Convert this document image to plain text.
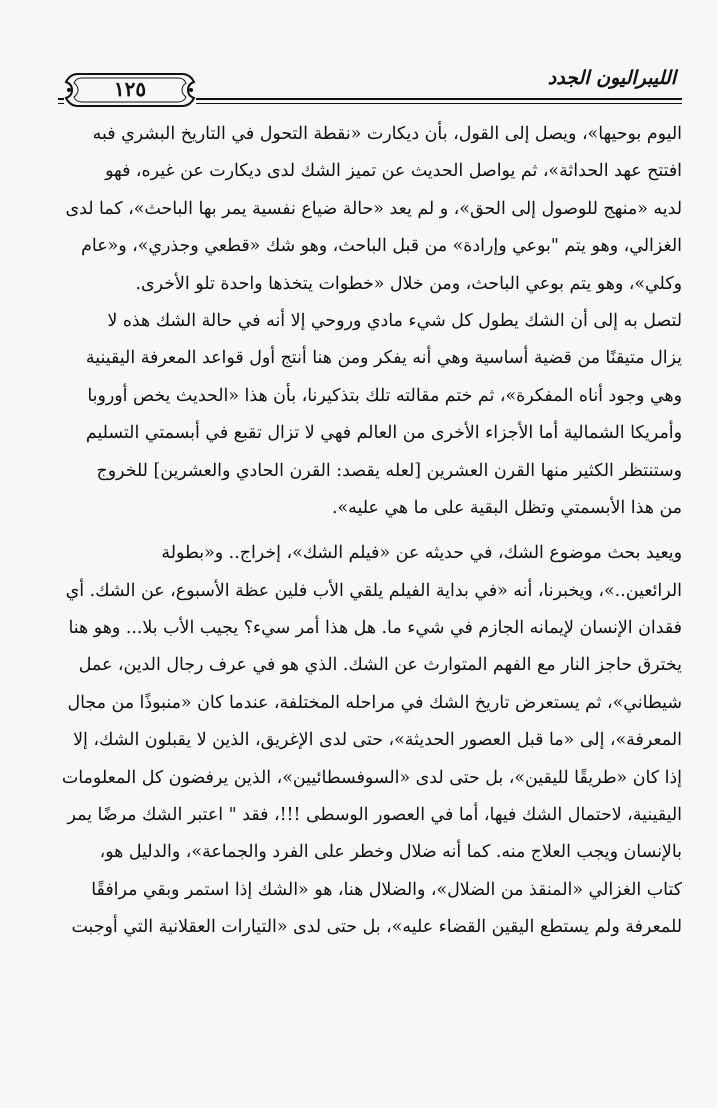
الليبراليون الجدد
١٢٥
اليوم بوحيها»، ويصل إلى القول، بأن ديكارت «نقطة التحول في التاريخ البشري فبه
افتتح عهد الحداثة»، ثم يواصل الحديث عن تميز الشك لدى ديكارت عن غيره، فهو
لديه «منهج للوصول إلى الحق»، و لم يعد «حالة ضياع نفسية يمر بها الباحث»، كما لدى
الغزالي، وهو يتم "بوعي وإرادة» من قبل الباحث، وهو شك «قطعي وجذري»، و«عام
وكلي»، وهو يتم بوعي الباحث، ومن خلال «خطوات يتخذها واحدة تلو الأخرى.
لتصل به إلى أن الشك يطول كل شيء مادي وروحي إلا أنه في حالة الشك هذه لا
يزال متيقنًا من قضية أساسية وهي أنه يفكر ومن هنا أنتج أول قواعد المعرفة اليقينية
وهي وجود أناه المفكرة»، ثم ختم مقالته تلك بتذكيرنا، بأن هذا «الحديث يخص أوروبا
وأمريكا الشمالية أما الأجزاء الأخرى من العالم فهي لا تزال تقبع في أبسمتي التسليم
وستنتظر الكثير منها القرن العشرين [لعله يقصد: القرن الحادي والعشرين] للخروج
من هذا الأبسمتي وتظل البقية على ما هي عليه».
ويعيد بحث موضوع الشك، في حديثه عن «فيلم الشك»، إخراج.. و«بطولة
الرائعين..»، ويخبرنا، أنه «في بداية الفيلم يلقي الأب فلين عظة الأسبوع، عن الشك. أي
فقدان الإنسان لإيمانه الجازم في شيء ما. هل هذا أمر سيء؟ يجيب الأب بلا... وهو هنا
يخترق حاجز النار مع الفهم المتوارث عن الشك. الذي هو في عرف رجال الدين، عمل
شيطاني»، ثم يستعرض تاريخ الشك في مراحله المختلفة، عندما كان «منبوذًا من مجال
المعرفة»، إلى «ما قبل العصور الحديثة»، حتى لدى الإغريق، الذين لا يقبلون الشك، إلا
إذا كان «طريقًا لليقين»، بل حتى لدى «السوفسطائيين»، الذين يرفضون كل المعلومات
اليقينية، لاحتمال الشك فيها، أما في العصور الوسطى !!!، فقد " اعتبر الشك مرضًا يمر
بالإنسان ويجب العلاج منه. كما أنه ضلال وخطر على الفرد والجماعة»، والدليل هو،
كتاب الغزالي «المنقذ من الضلال»، والضلال هنا، هو «الشك إذا استمر وبقي مرافقًا
للمعرفة ولم يستطع اليقين القضاء عليه»، بل حتى لدى «التيارات العقلانية التي أوجبت
